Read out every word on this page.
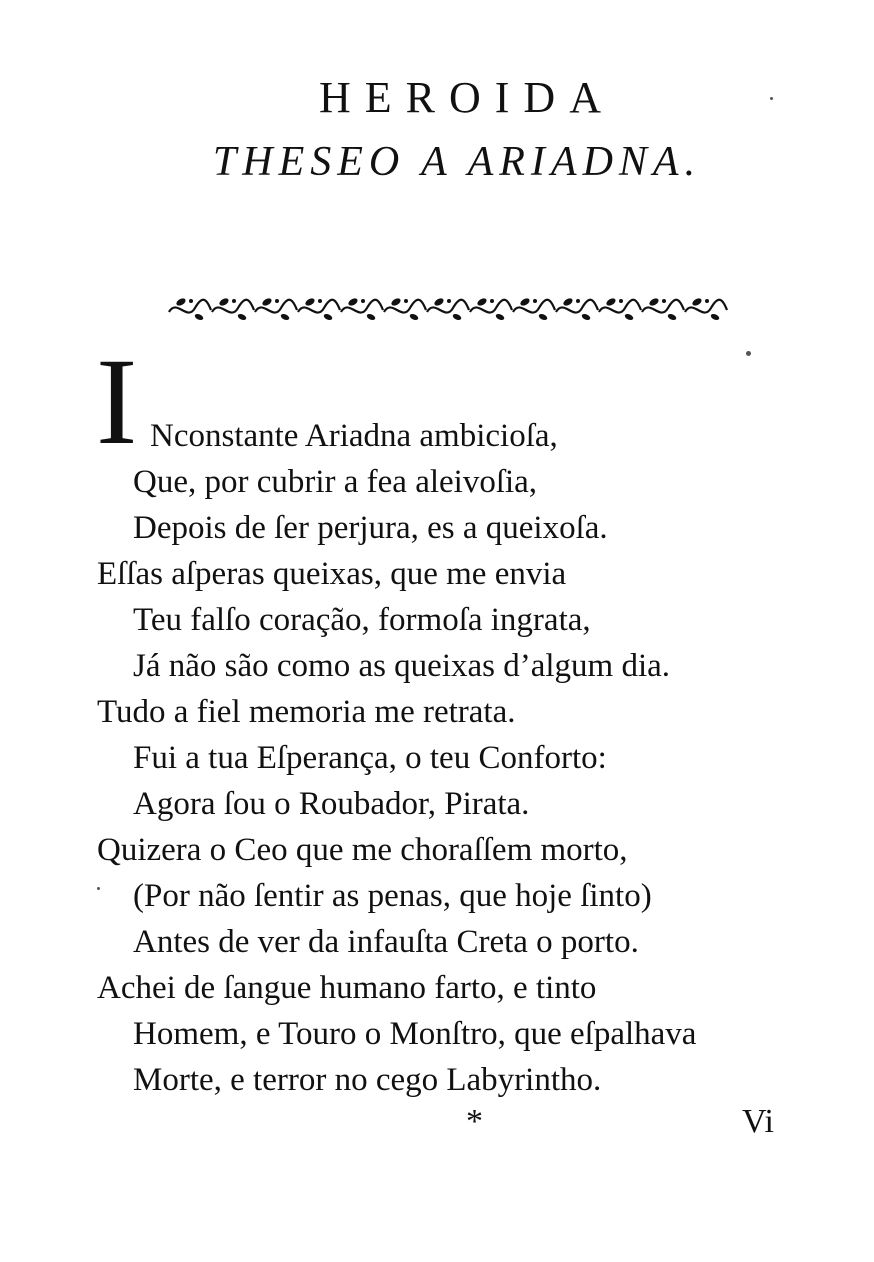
HEROIDA
THESEO A ARIADNA.
I Nconstante Ariadna ambicioſa,
Que, por cubrir a fea aleivoſia,
Depois de ſer perjura, es a queixoſa.
Eſſas aſperas queixas, que me envia
Teu falſo coração, formoſa ingrata,
Já não são como as queixas d’algum dia.
Tudo a fiel memoria me retrata.
Fui a tua Eſperança, o teu Conforto:
Agora ſou o Roubador, Pirata.
Quizera o Ceo que me choraſſem morto,
(Por não ſentir as penas, que hoje ſinto)
Antes de ver da infauſta Creta o porto.
Achei de ſangue humano farto, e tinto
Homem, e Touro o Monſtro, que eſpalhava
Morte, e terror no cego Labyrintho.
*	Vi
